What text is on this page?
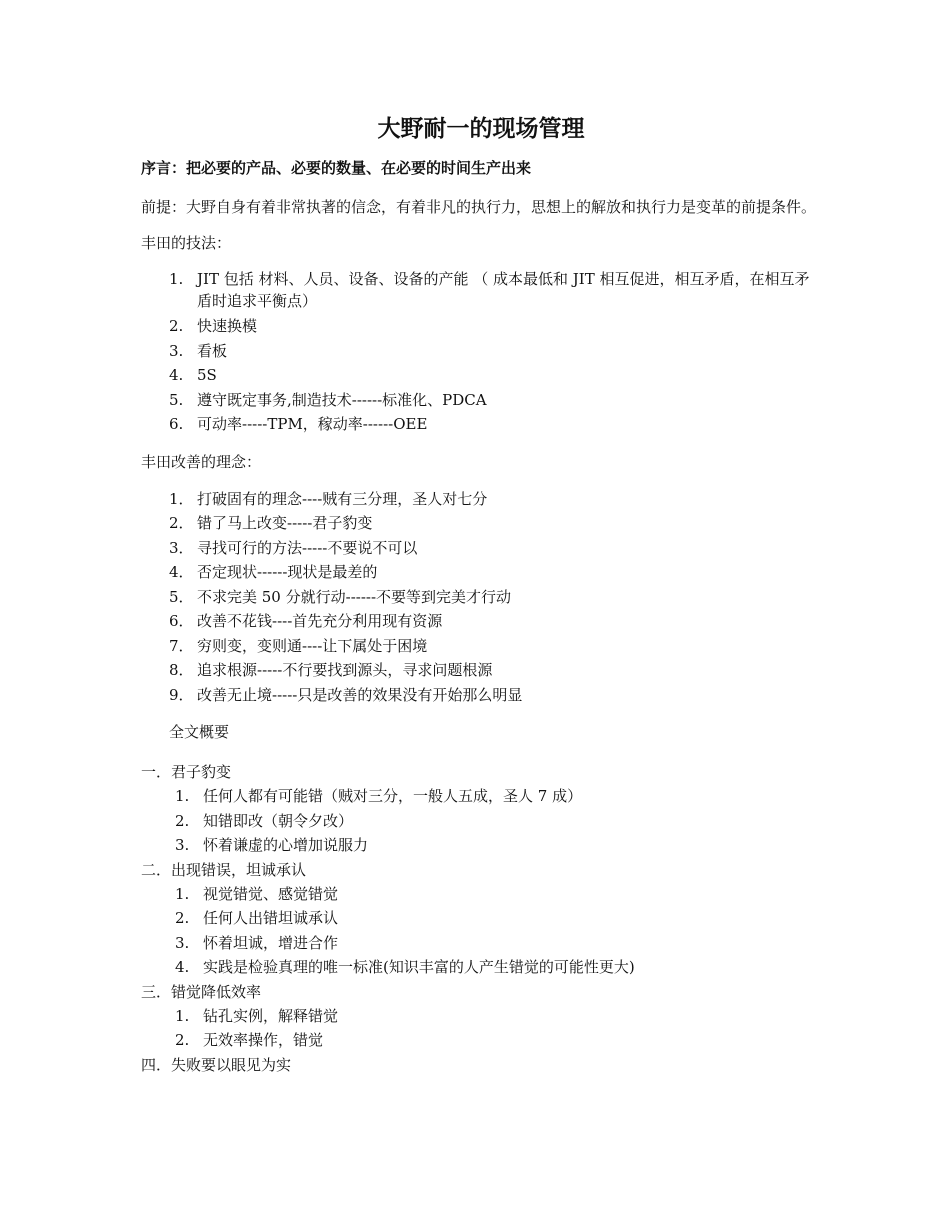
大野耐一的现场管理
序言：把必要的产品、必要的数量、在必要的时间生产出来
前提：大野自身有着非常执著的信念，有着非凡的执行力，思想上的解放和执行力是变革的前提条件。
丰田的技法：
1. JIT 包括 材料、人员、设备、设备的产能 （ 成本最低和 JIT 相互促进，相互矛盾，在相互矛盾时追求平衡点）
2. 快速换模
3. 看板
4. 5S
5. 遵守既定事务,制造技术------标准化、PDCA
6. 可动率-----TPM，稼动率------OEE
丰田改善的理念：
1． 打破固有的理念----贼有三分理，圣人对七分
2． 错了马上改变-----君子豹变
3． 寻找可行的方法-----不要说不可以
4． 否定现状------现状是最差的
5． 不求完美 50 分就行动------不要等到完美才行动
6． 改善不花钱----首先充分利用现有资源
7． 穷则变，变则通----让下属处于困境
8． 追求根源-----不行要找到源头，寻求问题根源
9． 改善无止境-----只是改善的效果没有开始那么明显
全文概要
一．君子豹变
1. 任何人都有可能错（贼对三分，一般人五成，圣人 7 成）
2. 知错即改（朝令夕改）
3. 怀着谦虚的心增加说服力
二．出现错误，坦诚承认
1. 视觉错觉、感觉错觉
2. 任何人出错坦诚承认
3. 怀着坦诚，增进合作
4. 实践是检验真理的唯一标准(知识丰富的人产生错觉的可能性更大)
三．错觉降低效率
1. 钻孔实例，解释错觉
2. 无效率操作，错觉
四．失败要以眼见为实
